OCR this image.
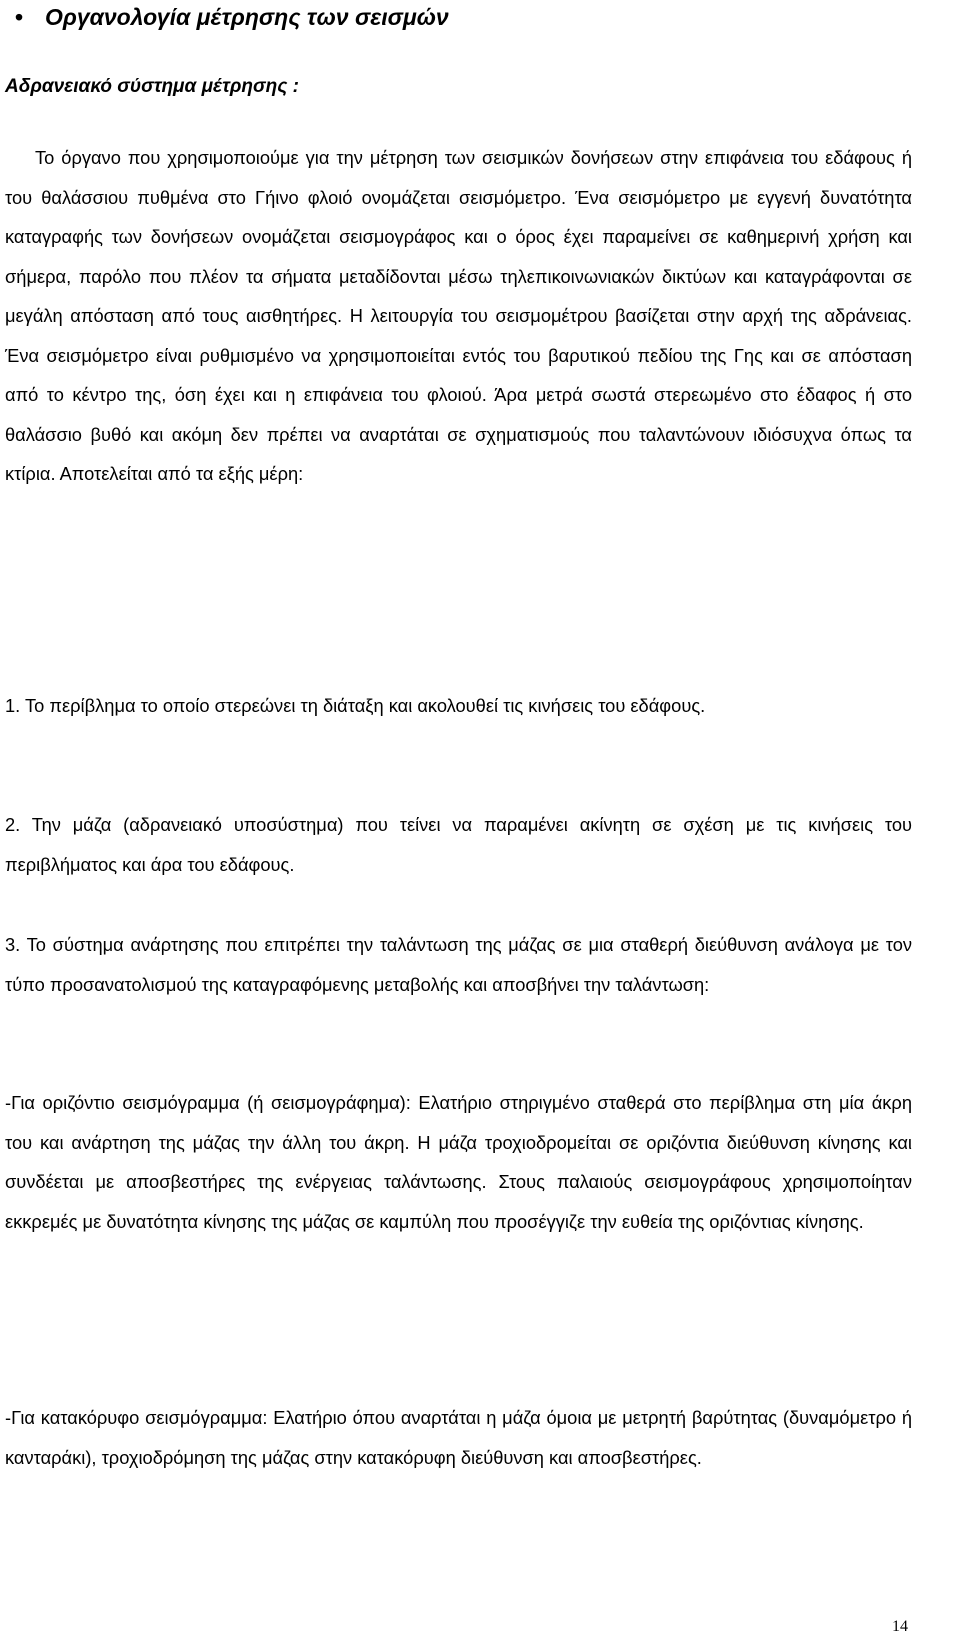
• Οργανολογία μέτρησης των σεισμών
Αδρανειακό σύστημα μέτρησης :

Το όργανο που χρησιμοποιούμε για την μέτρηση των σεισμικών δονήσεων στην επιφάνεια του εδάφους ή του θαλάσσιου πυθμένα στο Γήινο φλοιό ονομάζεται σεισμόμετρο. Ένα σεισμόμετρο με εγγενή δυνατότητα καταγραφής των δονήσεων ονομάζεται σεισμογράφος και ο όρος έχει παραμείνει σε καθημερινή χρήση και σήμερα, παρόλο που πλέον τα σήματα μεταδίδονται μέσω τηλεπικοινωνιακών δικτύων και καταγράφονται σε μεγάλη απόσταση από τους αισθητήρες. Η λειτουργία του σεισμομέτρου βασίζεται στην αρχή της αδράνειας. Ένα σεισμόμετρο είναι ρυθμισμένο να χρησιμοποιείται εντός του βαρυτικού πεδίου της Γης και σε απόσταση από το κέντρο της, όση έχει και η επιφάνεια του φλοιού. Άρα μετρά σωστά στερεωμένο στο έδαφος ή στο θαλάσσιο βυθό και ακόμη δεν πρέπει να αναρτάται σε σχηματισμούς που ταλαντώνουν ιδιόσυχνα όπως τα κτίρια. Αποτελείται από τα εξής μέρη:

1. Το περίβλημα το οποίο στερεώνει τη διάταξη και ακολουθεί τις κινήσεις του εδάφους.

2. Την μάζα (αδρανειακό υποσύστημα) που τείνει να παραμένει ακίνητη σε σχέση με τις κινήσεις του περιβλήματος και άρα του εδάφους.

3. Το σύστημα ανάρτησης που επιτρέπει την ταλάντωση της μάζας σε μια σταθερή διεύθυνση ανάλογα με τον τύπο προσανατολισμού της καταγραφόμενης μεταβολής και αποσβήνει την ταλάντωση:

-Για οριζόντιο σεισμόγραμμα (ή σεισμογράφημα): Ελατήριο στηριγμένο σταθερά στο περίβλημα στη μία άκρη του και ανάρτηση της μάζας την άλλη του άκρη. Η μάζα τροχιοδρομείται σε οριζόντια διεύθυνση κίνησης και συνδέεται με αποσβεστήρες της ενέργειας ταλάντωσης. Στους παλαιούς σεισμογράφους χρησιμοποίηταν εκκρεμές με δυνατότητα κίνησης της μάζας σε καμπύλη που προσέγγιζε την ευθεία της οριζόντιας κίνησης.

-Για κατακόρυφο σεισμόγραμμα: Ελατήριο όπου αναρτάται η μάζα όμοια με μετρητή βαρύτητας (δυναμόμετρο ή κανταράκι), τροχιοδρόμηση της μάζας στην κατακόρυφη διεύθυνση και αποσβεστήρες.

14
